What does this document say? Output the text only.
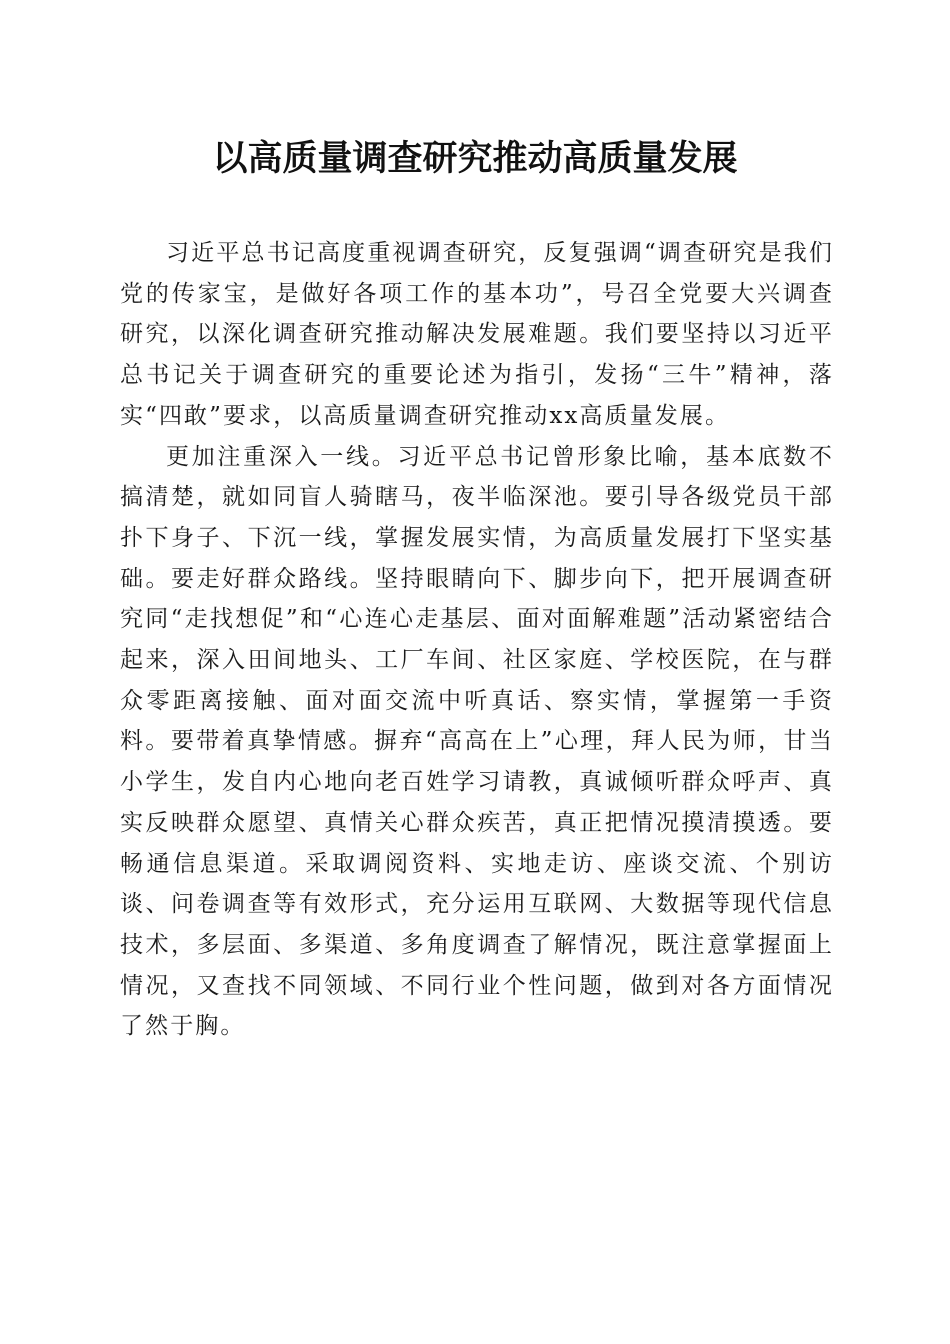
以高质量调查研究推动高质量发展

习近平总书记高度重视调查研究，反复强调“调查研究是我们党的传家宝，是做好各项工作的基本功”，号召全党要大兴调查研究，以深化调查研究推动解决发展难题。我们要坚持以习近平总书记关于调查研究的重要论述为指引，发扬“三牛”精神，落实“四敢”要求，以高质量调查研究推动xx高质量发展。

更加注重深入一线。习近平总书记曾形象比喻，基本底数不搞清楚，就如同盲人骑瞎马，夜半临深池。要引导各级党员干部扑下身子、下沉一线，掌握发展实情，为高质量发展打下坚实基础。要走好群众路线。坚持眼睛向下、脚步向下，把开展调查研究同“走找想促”和“心连心走基层、面对面解难题”活动紧密结合起来，深入田间地头、工厂车间、社区家庭、学校医院，在与群众零距离接触、面对面交流中听真话、察实情，掌握第一手资料。要带着真挚情感。摒弃“高高在上”心理，拜人民为师，甘当小学生，发自内心地向老百姓学习请教，真诚倾听群众呼声、真实反映群众愿望、真情关心群众疾苦，真正把情况摸清摸透。要畅通信息渠道。采取调阅资料、实地走访、座谈交流、个别访谈、问卷调查等有效形式，充分运用互联网、大数据等现代信息技术，多层面、多渠道、多角度调查了解情况，既注意掌握面上情况，又查找不同领域、不同行业个性问题，做到对各方面情况了然于胸。
